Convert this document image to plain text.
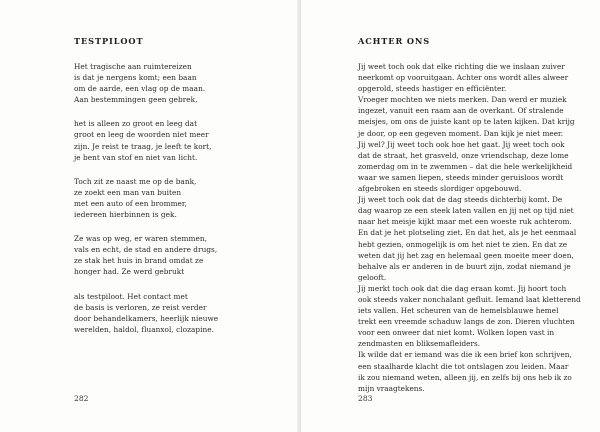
TESTPILOOT
Het tragische aan ruimtereizen
is dat je nergens komt; een baan
om de aarde, een vlag op de maan.
Aan bestemmingen geen gebrek,
het is alleen zo groot en leeg dat
groot en leeg de woorden niet meer
zijn. Je reist te traag, je leeft te kort,
je bent van stof en niet van licht.
Toch zit ze naast me op de bank,
ze zoekt een man van buiten
met een auto of een brommer,
iedereen hierbinnen is gek.
Ze was op weg, er waren stemmen,
vals en echt, de stad en andere drugs,
ze stak het huis in brand omdat ze
honger had. Ze werd gebrukt
als testpiloot. Het contact met
de basis is verloren, ze reist verder
door behandelkamers, heerlijk nieuwe
werelden, haldol, fluanxol, clozapine.
282
ACHTER ONS
Jij weet toch ook dat elke richting die we inslaan zuiver
neerkomt op vooruitgaan. Achter ons wordt alles alweer
opgerold, steeds hastiger en efficiënter.
Vroeger mochten we niets merken. Dan werd er muziek
ingezet, vanuit een raam aan de overkant. Of stralende
meisjes, om ons de juiste kant op te laten kijken. Dat krijg
je door, op een gegeven moment. Dan kijk je niet meer.
Jij wel? Jij weet toch ook hoe het gaat. Jij weet toch ook
dat de straat, het grasveld, onze vriendschap, deze lome
zomerdag om in te zwemmen – dat die hele werkelijkheid
waar we samen liepen, steeds minder geruisloos wordt
afgebroken en steeds slordiger opgebouwd.
Jij weet toch ook dat de dag steeds dichterbij komt. De
dag waarop ze een steek laten vallen en jij net op tijd niet
naar het meisje kijkt maar met een woeste ruk achterom.
En dat je het plotseling ziet. En dat het, als je het eenmaal
hebt gezien, onmogelijk is om het niet te zien. En dat ze
weten dat jij het zag en helemaal geen moeite meer doen,
behalve als er anderen in de buurt zijn, zodat niemand je
gelooft.
Jij merkt toch ook dat die dag eraan komt. Jij hoort toch
ook steeds vaker nonchalant gefluit. Iemand laat kletterend
iets vallen. Het scheuren van de hemelsblauwe hemel
trekt een vreemde schaduw langs de zon. Dieren vluchten
voor een onweer dat niet komt. Wolken lopen vast in
zendmasten en bliksemafleiders.
Ik wilde dat er iemand was die ik een brief kon schrijven,
een staalharde klacht die tot ontslagen zou leiden. Maar
ik zou niemand weten, alleen jij, en zelfs bij ons heb ik zo
mijn vraagtekens.
283
